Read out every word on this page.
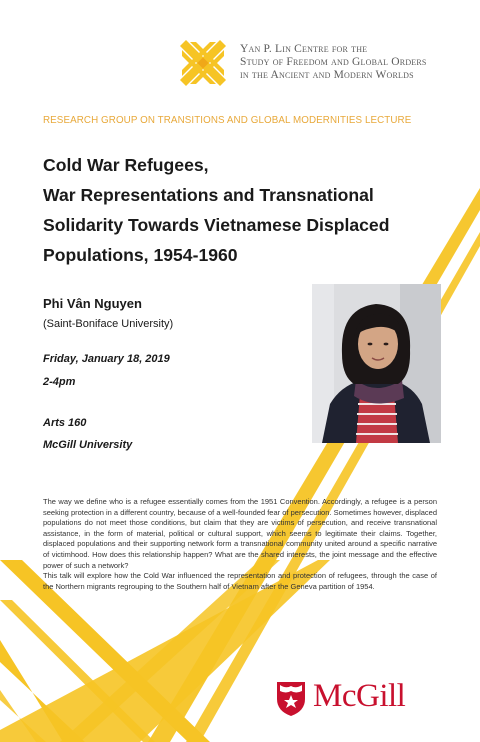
Yan P. Lin Centre for the
Study of Freedom and Global Orders
in the Ancient and Modern Worlds
RESEARCH GROUP ON TRANSITIONS AND GLOBAL MODERNITIES LECTURE
Cold War Refugees,
War Representations and Transnational
Solidarity Towards Vietnamese Displaced
Populations, 1954-1960
Phi Vân Nguyen
(Saint-Boniface University)
Friday, January 18, 2019
2-4pm
Arts 160
McGill University

The way we define who is a refugee essentially comes from the 1951 Convention. Accordingly, a refugee is a person seeking protection in a different country, because of a well-founded fear of persecution. Sometimes however, displaced populations do not meet those conditions, but claim that they are victims of persecution, and receive transnational assistance, in the form of material, political or cultural support, which seems to legitimate their claims. Together, displaced populations and their supporting network form a transnational community united around a specific narrative of victimhood. How does this relationship happen? What are the shared interests, the joint message and the effective power of such a network?

This talk will explore how the Cold War influenced the representation and protection of refugees, through the case of the Northern migrants regrouping to the Southern half of Vietnam after the Geneva partition of 1954.

McGill
